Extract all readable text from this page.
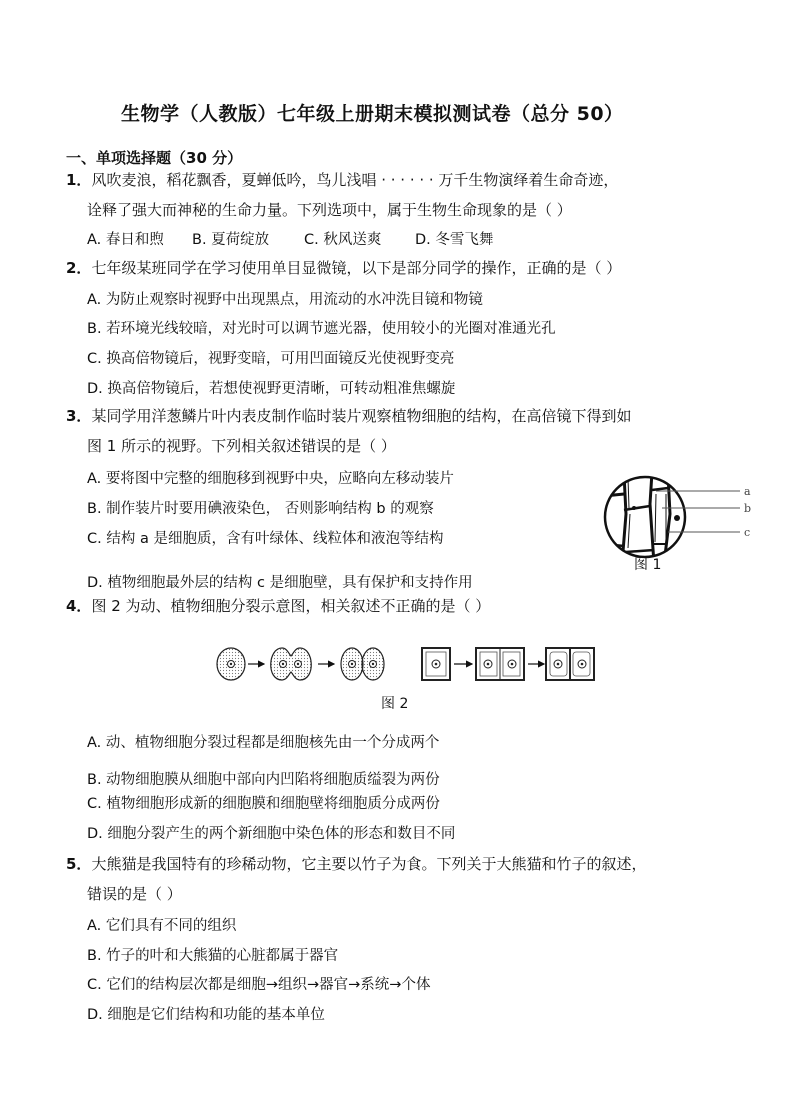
生物学（人教版）七年级上册期末模拟测试卷（总分 50）
一、单项选择题（30 分）
1．风吹麦浪，稻花飘香，夏蝉低吟，鸟儿浅唱 · · · · · · 万千生物演绎着生命奇迹，
诠释了强大而神秘的生命力量。下列选项中，属于生物生命现象的是（ ）
A. 春日和煦 B. 夏荷绽放 C. 秋风送爽 D. 冬雪飞舞
2．七年级某班同学在学习使用单目显微镜，以下是部分同学的操作，正确的是（ ）
A. 为防止观察时视野中出现黑点，用流动的水冲洗目镜和物镜
B. 若环境光线较暗，对光时可以调节遮光器，使用较小的光圈对准通光孔
C. 换高倍物镜后，视野变暗，可用凹面镜反光使视野变亮
D. 换高倍物镜后，若想使视野更清晰，可转动粗准焦螺旋
3．某同学用洋葱鳞片叶内表皮制作临时装片观察植物细胞的结构，在高倍镜下得到如
图 1 所示的视野。下列相关叙述错误的是（ ）
A. 要将图中完整的细胞移到视野中央，应略向左移动装片
B. 制作装片时要用碘液染色， 否则影响结构 b 的观察
C. 结构 a 是细胞质，含有叶绿体、线粒体和液泡等结构
D. 植物细胞最外层的结构 c 是细胞壁，具有保护和支持作用
a
b
c
图 1
4．图 2 为动、植物细胞分裂示意图，相关叙述不正确的是（ ）
图 2
A. 动、植物细胞分裂过程都是细胞核先由一个分成两个
B. 动物细胞膜从细胞中部向内凹陷将细胞质缢裂为两份
C. 植物细胞形成新的细胞膜和细胞壁将细胞质分成两份
D. 细胞分裂产生的两个新细胞中染色体的形态和数目不同
5．大熊猫是我国特有的珍稀动物，它主要以竹子为食。下列关于大熊猫和竹子的叙述，
错误的是（ ）
A. 它们具有不同的组织
B. 竹子的叶和大熊猫的心脏都属于器官
C. 它们的结构层次都是细胞→组织→器官→系统→个体
D. 细胞是它们结构和功能的基本单位
